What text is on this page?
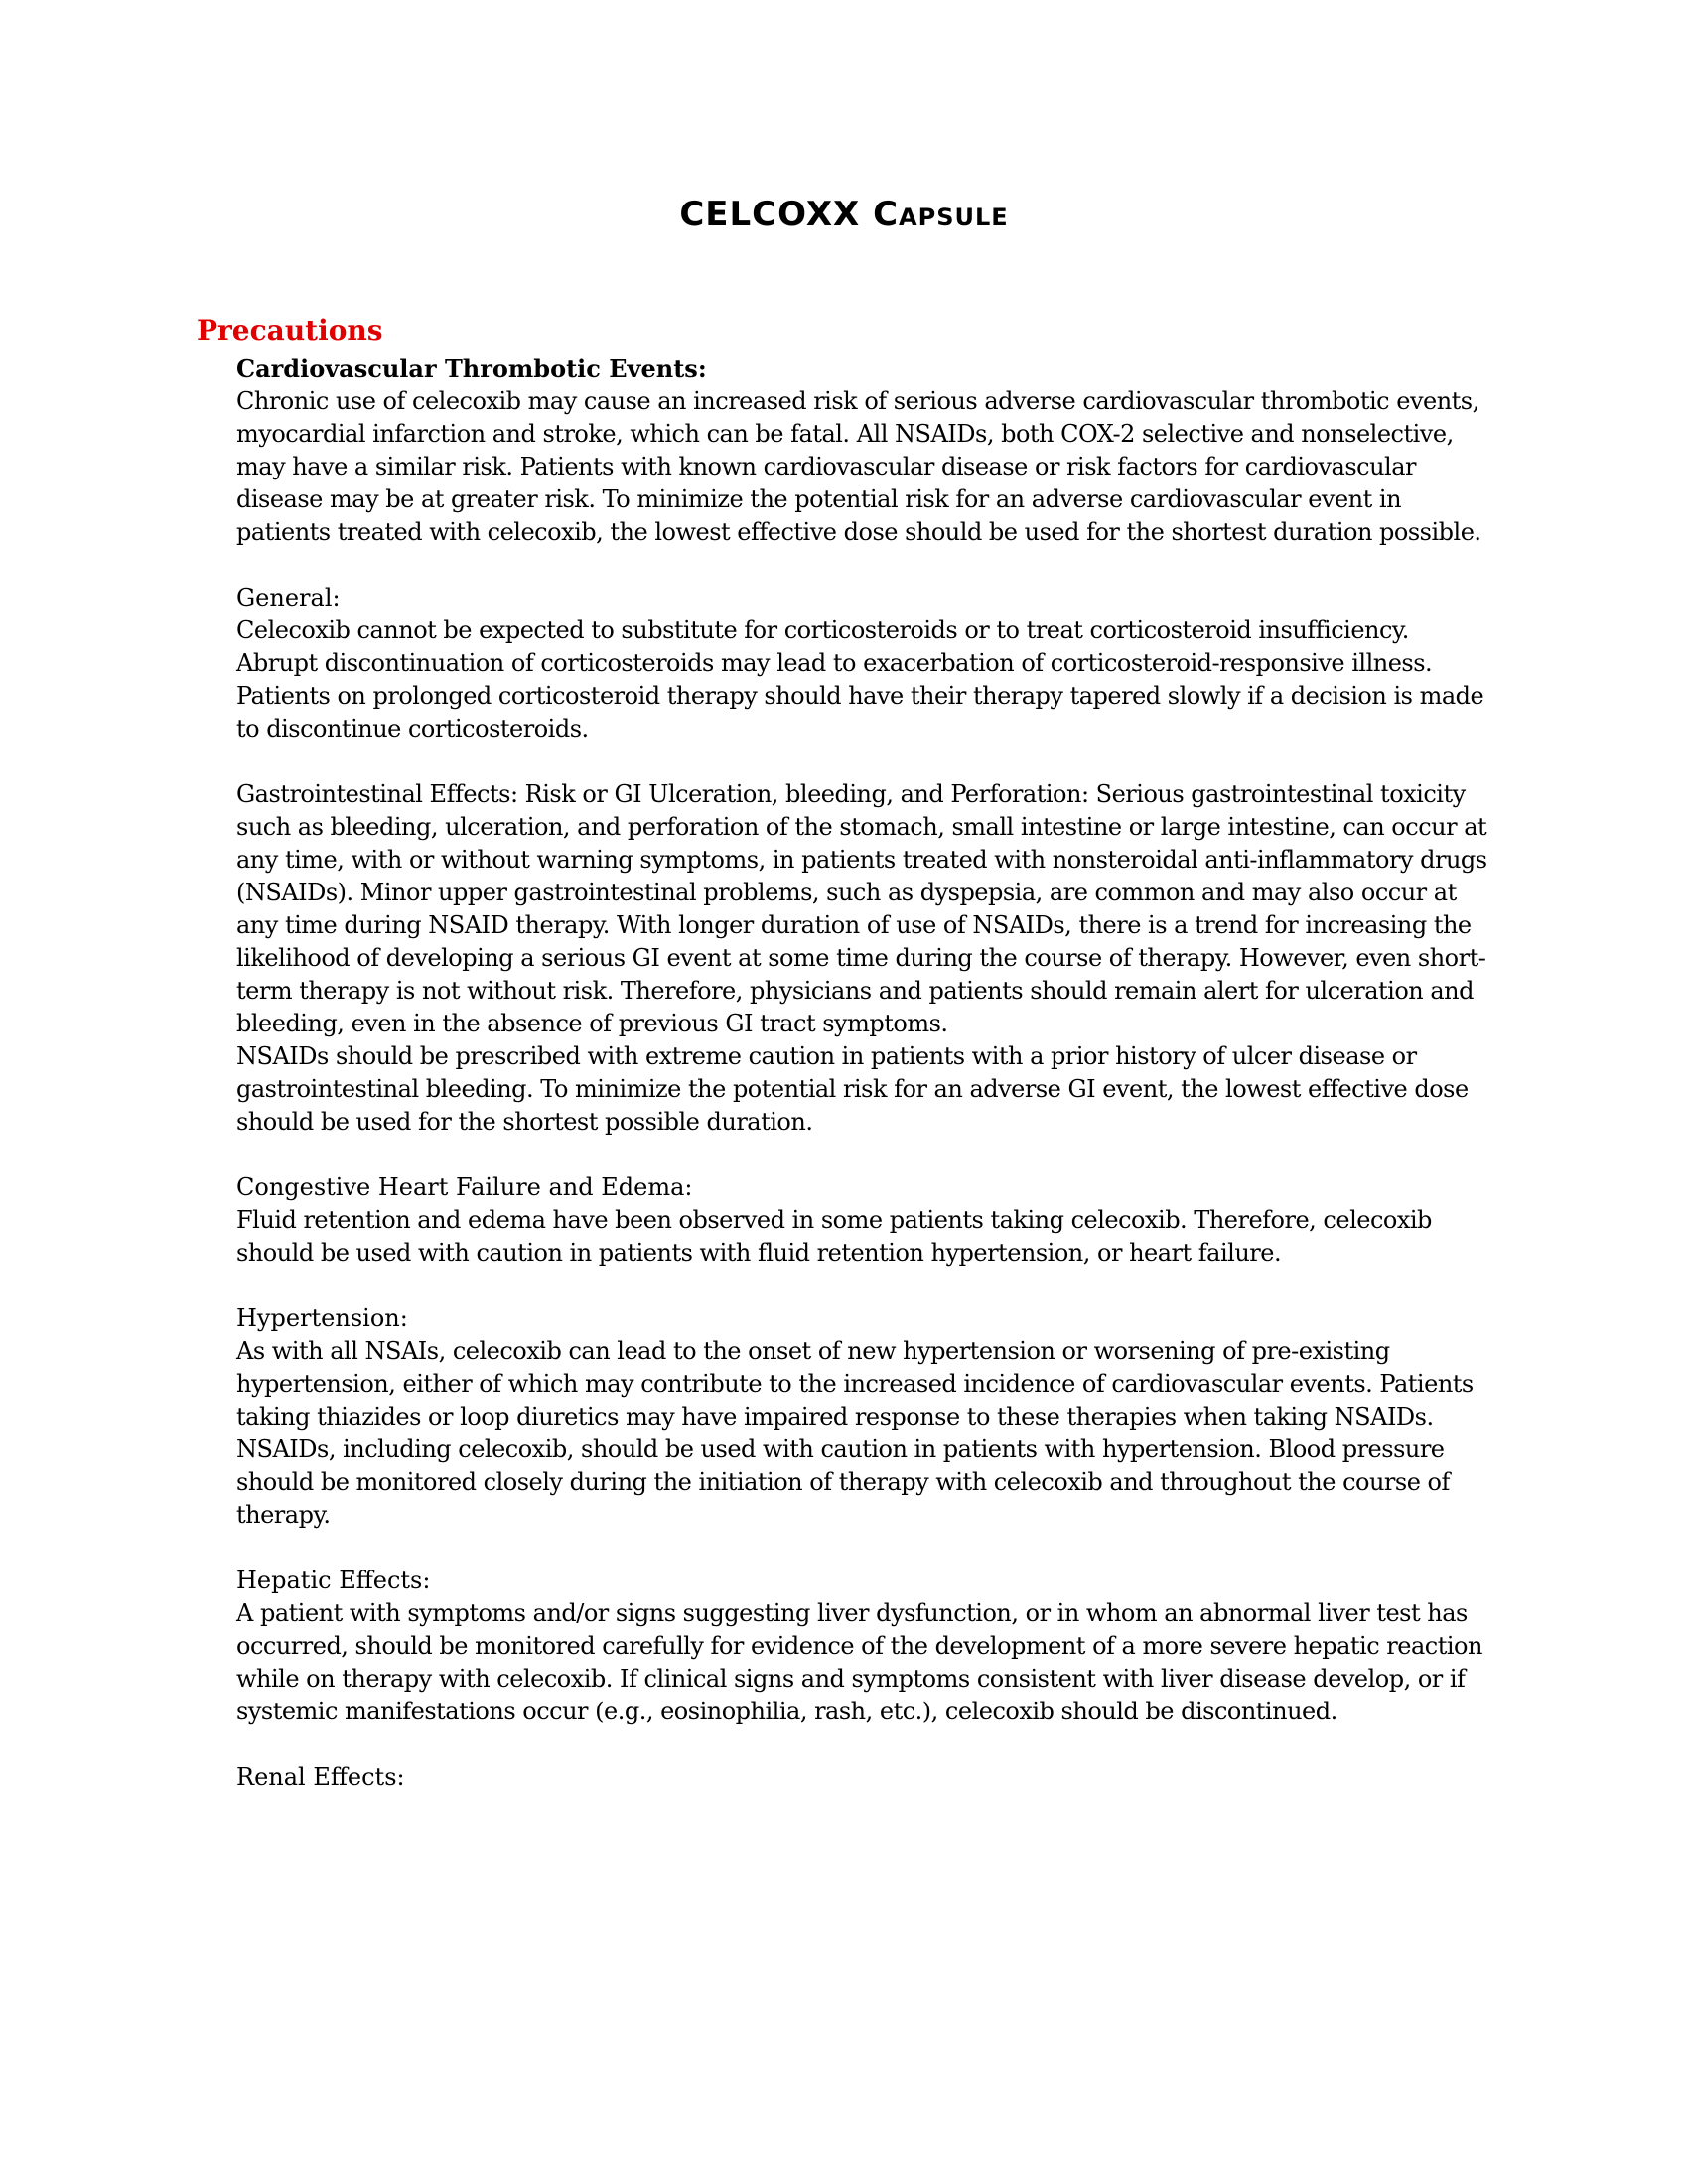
CELCOXX Capsule
Precautions
Cardiovascular Thrombotic Events:

Chronic use of celecoxib may cause an increased risk of serious adverse cardiovascular thrombotic events, myocardial infarction and stroke, which can be fatal. All NSAIDs, both COX-2 selective and nonselective, may have a similar risk. Patients with known cardiovascular disease or risk factors for cardiovascular disease may be at greater risk. To minimize the potential risk for an adverse cardiovascular event in patients treated with celecoxib, the lowest effective dose should be used for the shortest duration possible.

General:

Celecoxib cannot be expected to substitute for corticosteroids or to treat corticosteroid insufficiency. Abrupt discontinuation of corticosteroids may lead to exacerbation of corticosteroid-responsive illness. Patients on prolonged corticosteroid therapy should have their therapy tapered slowly if a decision is made to discontinue corticosteroids.

Gastrointestinal Effects: Risk or GI Ulceration, bleeding, and Perforation: Serious gastrointestinal toxicity such as bleeding, ulceration, and perforation of the stomach, small intestine or large intestine, can occur at any time, with or without warning symptoms, in patients treated with nonsteroidal anti-inflammatory drugs (NSAIDs). Minor upper gastrointestinal problems, such as dyspepsia, are common and may also occur at any time during NSAID therapy. With longer duration of use of NSAIDs, there is a trend for increasing the likelihood of developing a serious GI event at some time during the course of therapy. However, even short-term therapy is not without risk. Therefore, physicians and patients should remain alert for ulceration and bleeding, even in the absence of previous GI tract symptoms.

NSAIDs should be prescribed with extreme caution in patients with a prior history of ulcer disease or gastrointestinal bleeding. To minimize the potential risk for an adverse GI event, the lowest effective dose should be used for the shortest possible duration.

Congestive Heart Failure and Edema:

Fluid retention and edema have been observed in some patients taking celecoxib. Therefore, celecoxib should be used with caution in patients with fluid retention hypertension, or heart failure.

Hypertension:

As with all NSAIs, celecoxib can lead to the onset of new hypertension or worsening of pre-existing hypertension, either of which may contribute to the increased incidence of cardiovascular events. Patients taking thiazides or loop diuretics may have impaired response to these therapies when taking NSAIDs. NSAIDs, including celecoxib, should be used with caution in patients with hypertension. Blood pressure should be monitored closely during the initiation of therapy with celecoxib and throughout the course of therapy.

Hepatic Effects:

A patient with symptoms and/or signs suggesting liver dysfunction, or in whom an abnormal liver test has occurred, should be monitored carefully for evidence of the development of a more severe hepatic reaction while on therapy with celecoxib. If clinical signs and symptoms consistent with liver disease develop, or if systemic manifestations occur (e.g., eosinophilia, rash, etc.), celecoxib should be discontinued.

Renal Effects:
